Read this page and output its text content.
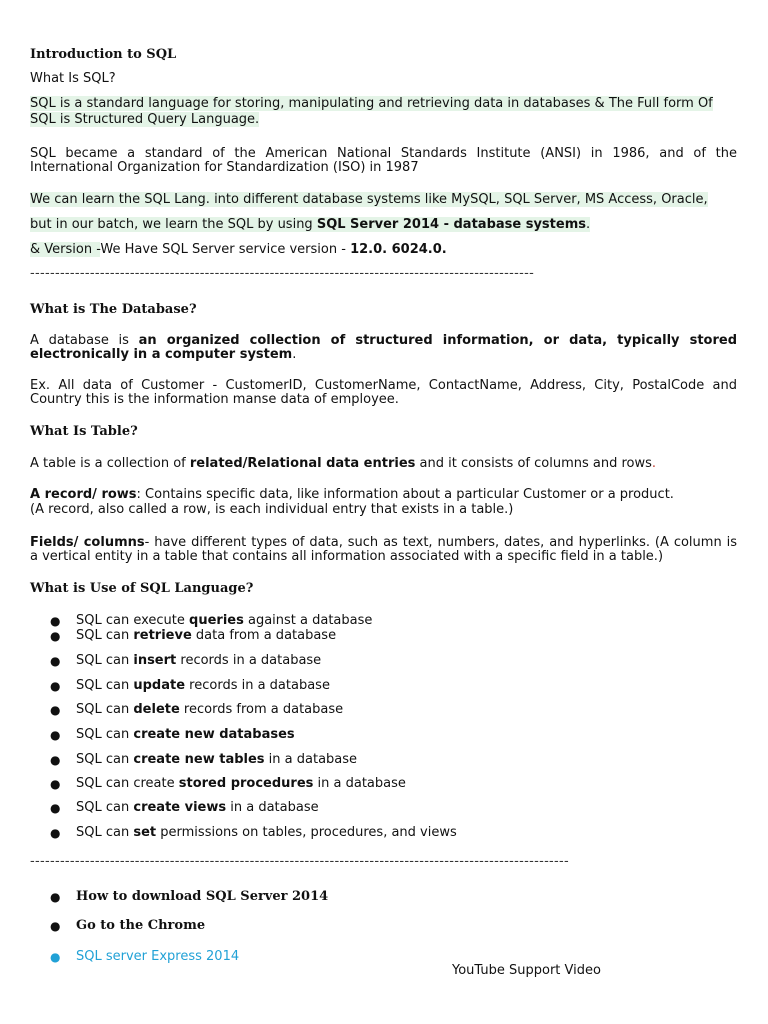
Introduction to SQL
What Is SQL?
SQL is a standard language for storing, manipulating and retrieving data in databases & The Full form Of
SQL is Structured Query Language.
SQL became a standard of the American National Standards Institute (ANSI) in 1986, and of the
International Organization for Standardization (ISO) in 1987
We can learn the SQL Lang. into different database systems like MySQL, SQL Server, MS Access, Oracle,
but in our batch, we learn the SQL by using SQL Server 2014 - database systems.
& Version -We Have SQL Server service version - 12.0. 6024.0.
-----------------------------------------------------------------------------------------------------
What is The Database?
A database is an organized collection of structured information, or data, typically stored
electronically in a computer system.
Ex. All data of Customer - CustomerID, CustomerName, ContactName, Address, City, PostalCode and
Country this is the information manse data of employee.
What Is Table?
A table is a collection of related/Relational data entries and it consists of columns and rows.
A record/ rows: Contains specific data, like information about a particular Customer or a product.
(A record, also called a row, is each individual entry that exists in a table.)
Fields/ columns- have different types of data, such as text, numbers, dates, and hyperlinks. (A column is
a vertical entity in a table that contains all information associated with a specific field in a table.)
What is Use of SQL Language?
● SQL can execute queries against a database
● SQL can retrieve data from a database
● SQL can insert records in a database
● SQL can update records in a database
● SQL can delete records from a database
● SQL can create new databases
● SQL can create new tables in a database
● SQL can create stored procedures in a database
● SQL can create views in a database
● SQL can set permissions on tables, procedures, and views
------------------------------------------------------------------------------------------------------------
● How to download SQL Server 2014
● Go to the Chrome
● SQL server Express 2014
YouTube Support Video
